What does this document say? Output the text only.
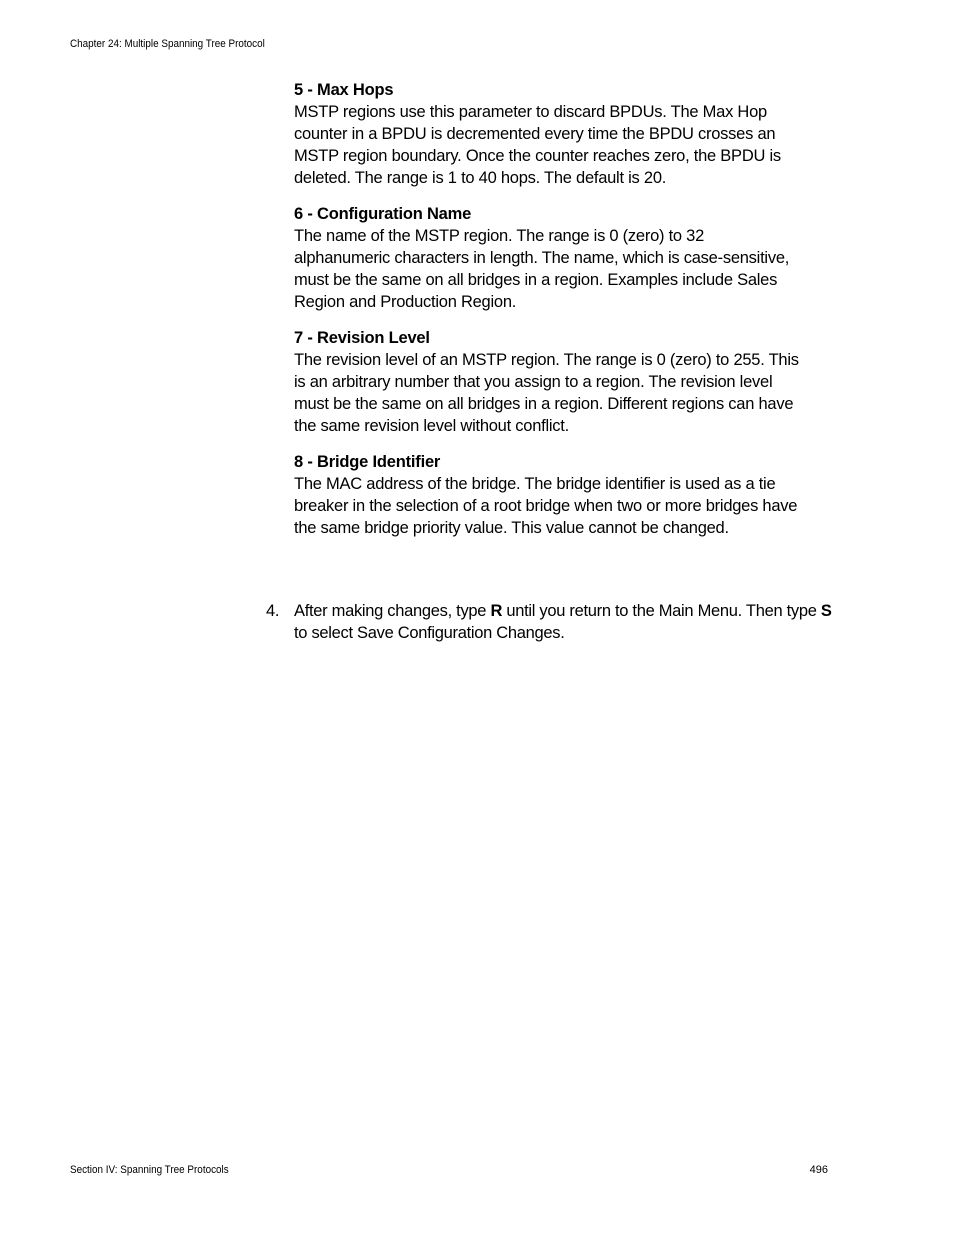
Chapter 24: Multiple Spanning Tree Protocol
5 - Max Hops
MSTP regions use this parameter to discard BPDUs. The Max Hop counter in a BPDU is decremented every time the BPDU crosses an MSTP region boundary. Once the counter reaches zero, the BPDU is deleted. The range is 1 to 40 hops. The default is 20.
6 - Configuration Name
The name of the MSTP region. The range is 0 (zero) to 32 alphanumeric characters in length. The name, which is case-sensitive, must be the same on all bridges in a region. Examples include Sales Region and Production Region.
7 - Revision Level
The revision level of an MSTP region. The range is 0 (zero) to 255. This is an arbitrary number that you assign to a region. The revision level must be the same on all bridges in a region. Different regions can have the same revision level without conflict.
8 - Bridge Identifier
The MAC address of the bridge. The bridge identifier is used as a tie breaker in the selection of a root bridge when two or more bridges have the same bridge priority value. This value cannot be changed.
4. After making changes, type R until you return to the Main Menu. Then type S to select Save Configuration Changes.
Section IV: Spanning Tree Protocols	496
